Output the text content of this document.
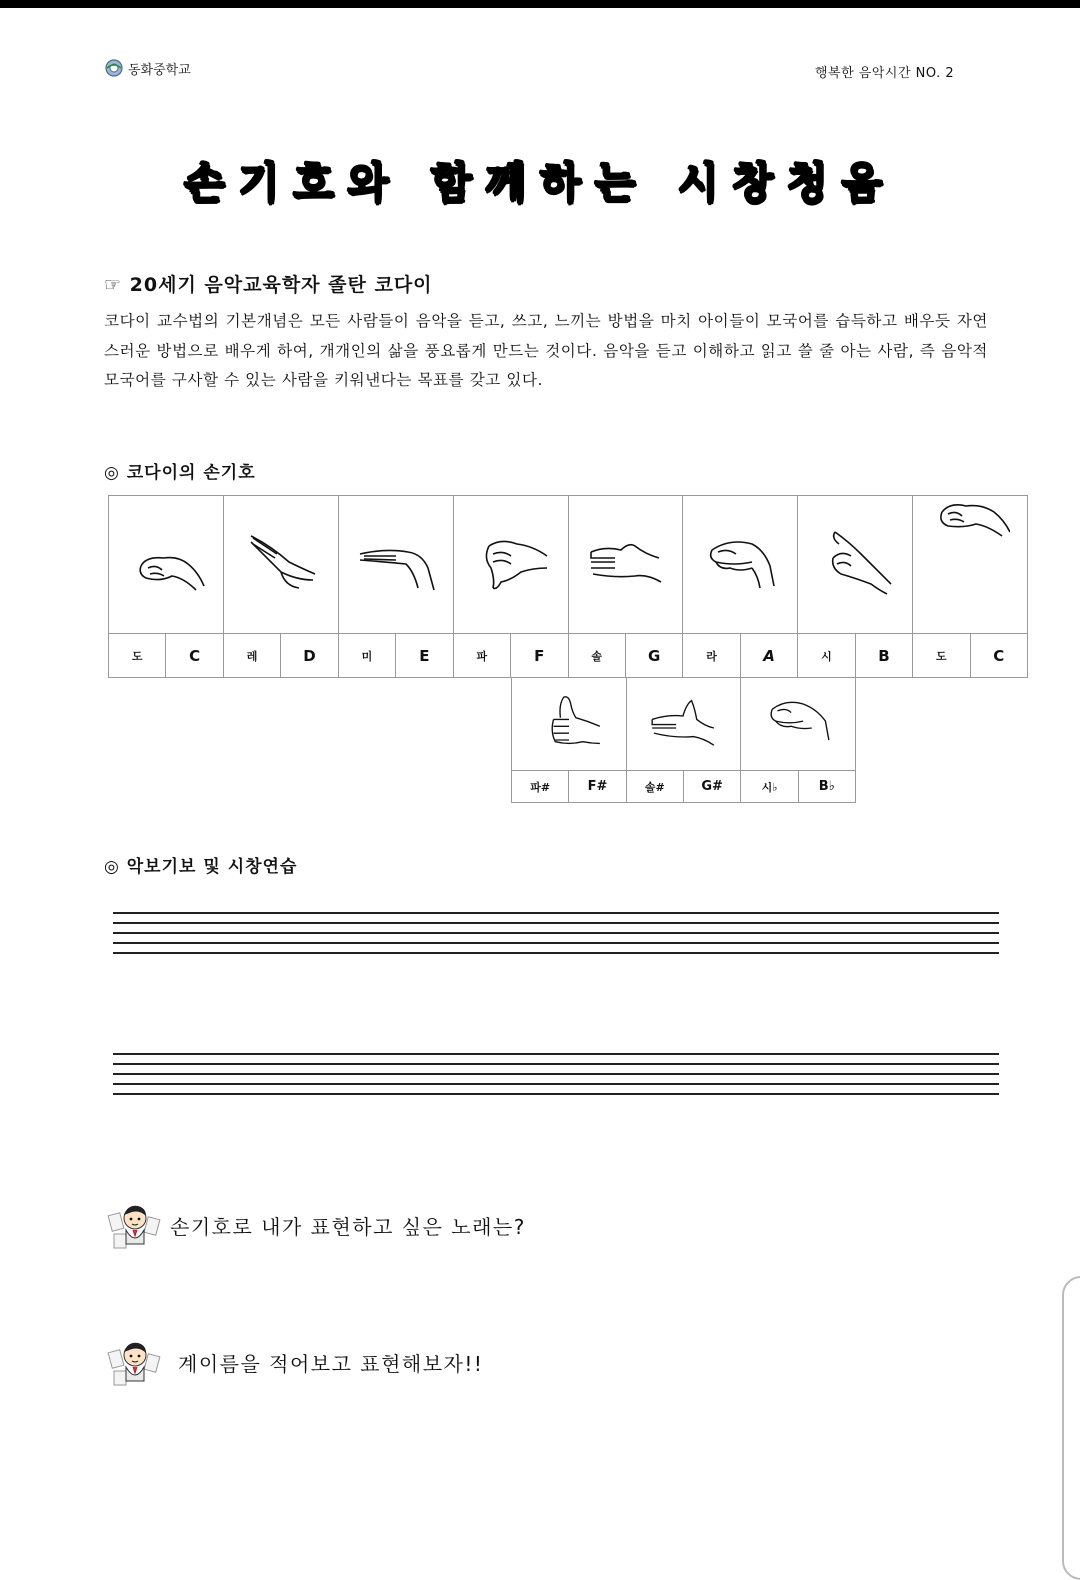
동화중학교	행복한 음악시간 NO. 2
손기호와 함께하는 시창청음
☞ 20세기 음악교육학자 졸탄 코다이
코다이 교수법의 기본개념은 모든 사람들이 음악을 듣고, 쓰고, 느끼는 방법을 마치 아이들이 모국어를 습득하고 배우듯 자연스러운 방법으로 배우게 하여, 개개인의 삶을 풍요롭게 만드는 것이다. 음악을 듣고 이해하고 읽고 쓸 줄 아는 사람, 즉 음악적 모국어를 구사할 수 있는 사람을 키워낸다는 목표를 갖고 있다.
◎ 코다이의 손기호

도	C	레	D	미	E	파	F	솔	G	라	A	시	B	도	C

파#	F#	솔#	G#	시♭	B♭
◎ 악보기보 및 시창연습
손기호로 내가 표현하고 싶은 노래는?
계이름을 적어보고 표현해보자!!
